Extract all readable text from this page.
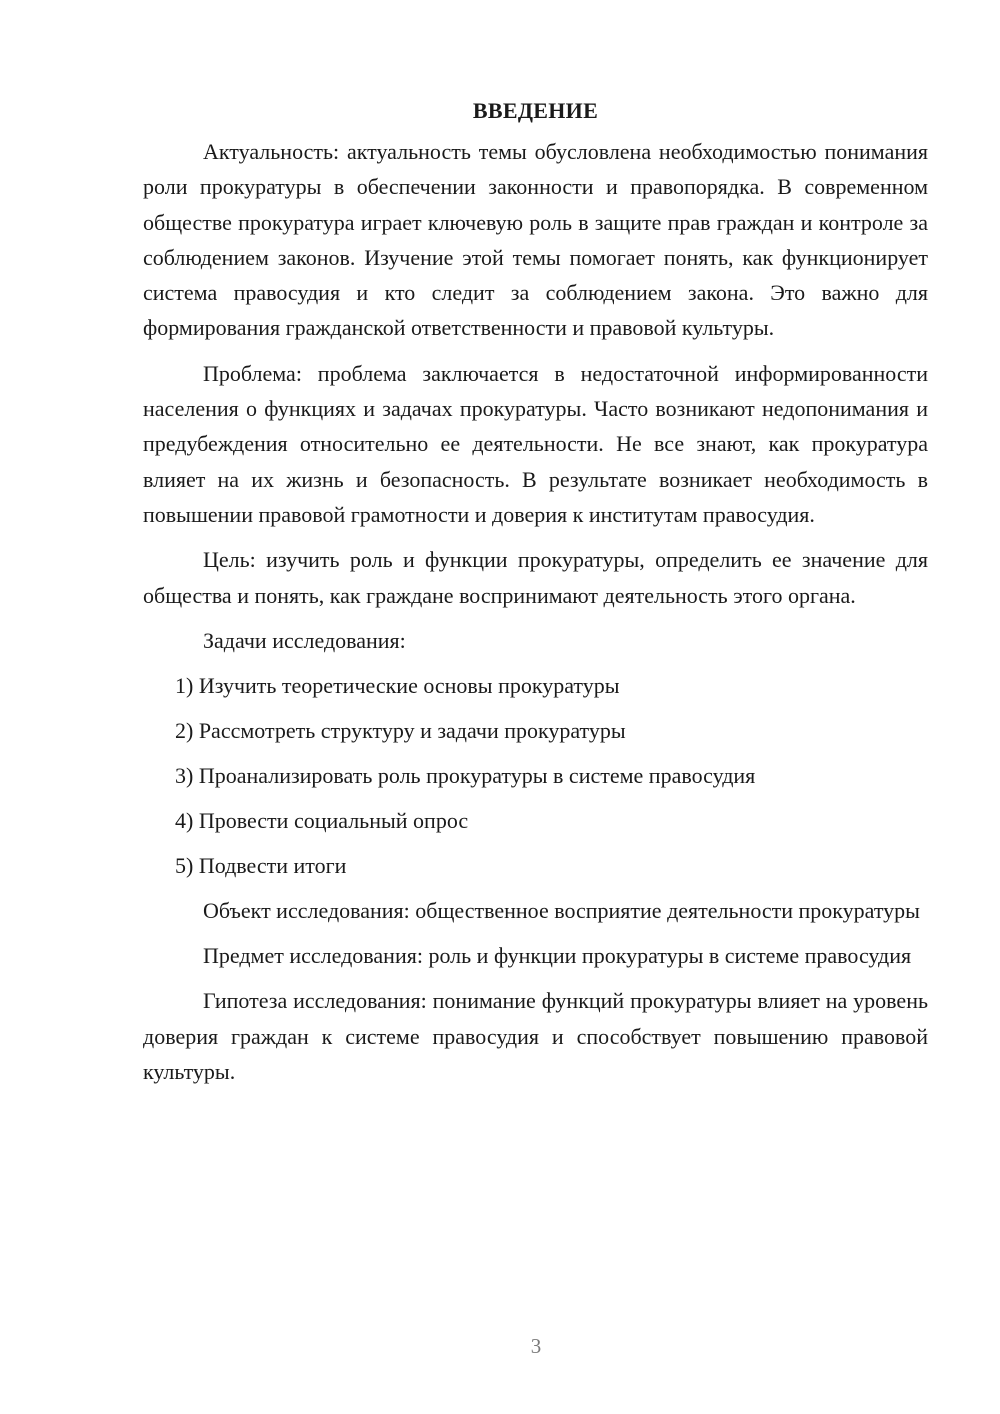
ВВЕДЕНИЕ

Актуальность: актуальность темы обусловлена необходимостью понимания роли прокуратуры в обеспечении законности и правопорядка. В современном обществе прокуратура играет ключевую роль в защите прав граждан и контроле за соблюдением законов. Изучение этой темы помогает понять, как функционирует система правосудия и кто следит за соблюдением закона. Это важно для формирования гражданской ответственности и правовой культуры.

Проблема: проблема заключается в недостаточной информированности населения о функциях и задачах прокуратуры. Часто возникают недопонимания и предубеждения относительно ее деятельности. Не все знают, как прокуратура влияет на их жизнь и безопасность. В результате возникает необходимость в повышении правовой грамотности и доверия к институтам правосудия.

Цель: изучить роль и функции прокуратуры, определить ее значение для общества и понять, как граждане воспринимают деятельность этого органа.

Задачи исследования:
1) Изучить теоретические основы прокуратуры
2) Рассмотреть структуру и задачи прокуратуры
3) Проанализировать роль прокуратуры в системе правосудия
4) Провести социальный опрос
5) Подвести итоги

Объект исследования: общественное восприятие деятельности прокуратуры

Предмет исследования: роль и функции прокуратуры в системе правосудия

Гипотеза исследования: понимание функций прокуратуры влияет на уровень доверия граждан к системе правосудия и способствует повышению правовой культуры.

3
